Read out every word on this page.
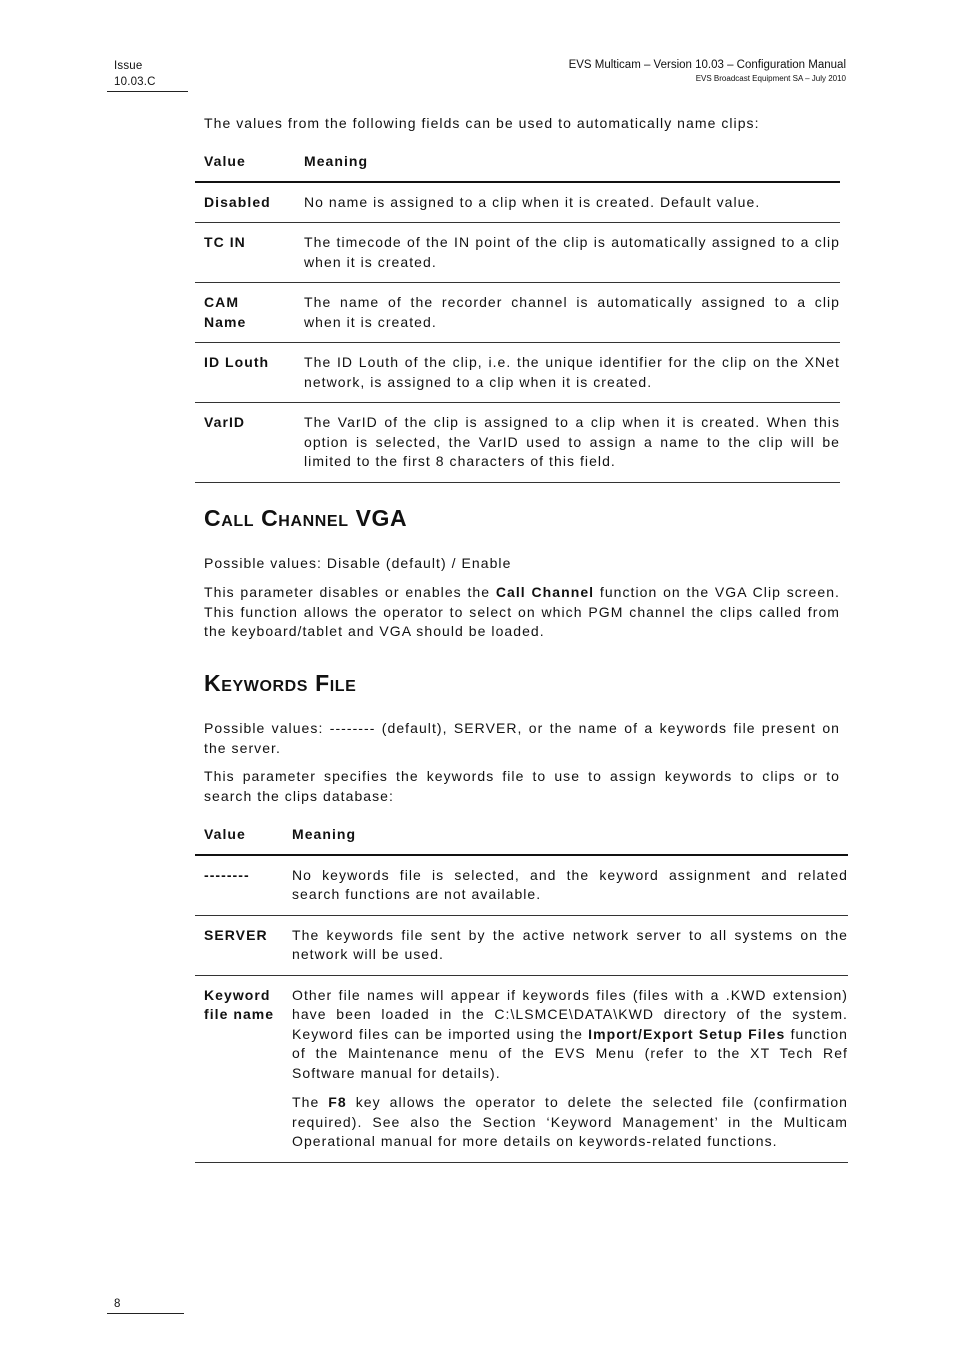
Issue
10.03.C
EVS Multicam – Version 10.03 – Configuration Manual
EVS Broadcast Equipment SA – July 2010
The values from the following fields can be used to automatically name clips:
Value	Meaning
Disabled	No name is assigned to a clip when it is created. Default value.
TC IN	The timecode of the IN point of the clip is automatically assigned to a clip when it is created.
CAM Name	The name of the recorder channel is automatically assigned to a clip when it is created.
ID Louth	The ID Louth of the clip, i.e. the unique identifier for the clip on the XNet network, is assigned to a clip when it is created.
VarID	The VarID of the clip is assigned to a clip when it is created. When this option is selected, the VarID used to assign a name to the clip will be limited to the first 8 characters of this field.
Call Channel VGA
Possible values: Disable (default) / Enable
This parameter disables or enables the Call Channel function on the VGA Clip screen. This function allows the operator to select on which PGM channel the clips called from the keyboard/tablet and VGA should be loaded.
Keywords File
Possible values: -------- (default), SERVER, or the name of a keywords file present on the server.
This parameter specifies the keywords file to use to assign keywords to clips or to search the clips database:
Value	Meaning
--------	No keywords file is selected, and the keyword assignment and related search functions are not available.
SERVER	The keywords file sent by the active network server to all systems on the network will be used.
Keyword file name	Other file names will appear if keywords files (files with a .KWD extension) have been loaded in the C:\LSMCE\DATA\KWD directory of the system. Keyword files can be imported using the Import/Export Setup Files function of the Maintenance menu of the EVS Menu (refer to the XT Tech Ref Software manual for details).

The F8 key allows the operator to delete the selected file (confirmation required). See also the Section ‘Keyword Management’ in the Multicam Operational manual for more details on keywords-related functions.

8
